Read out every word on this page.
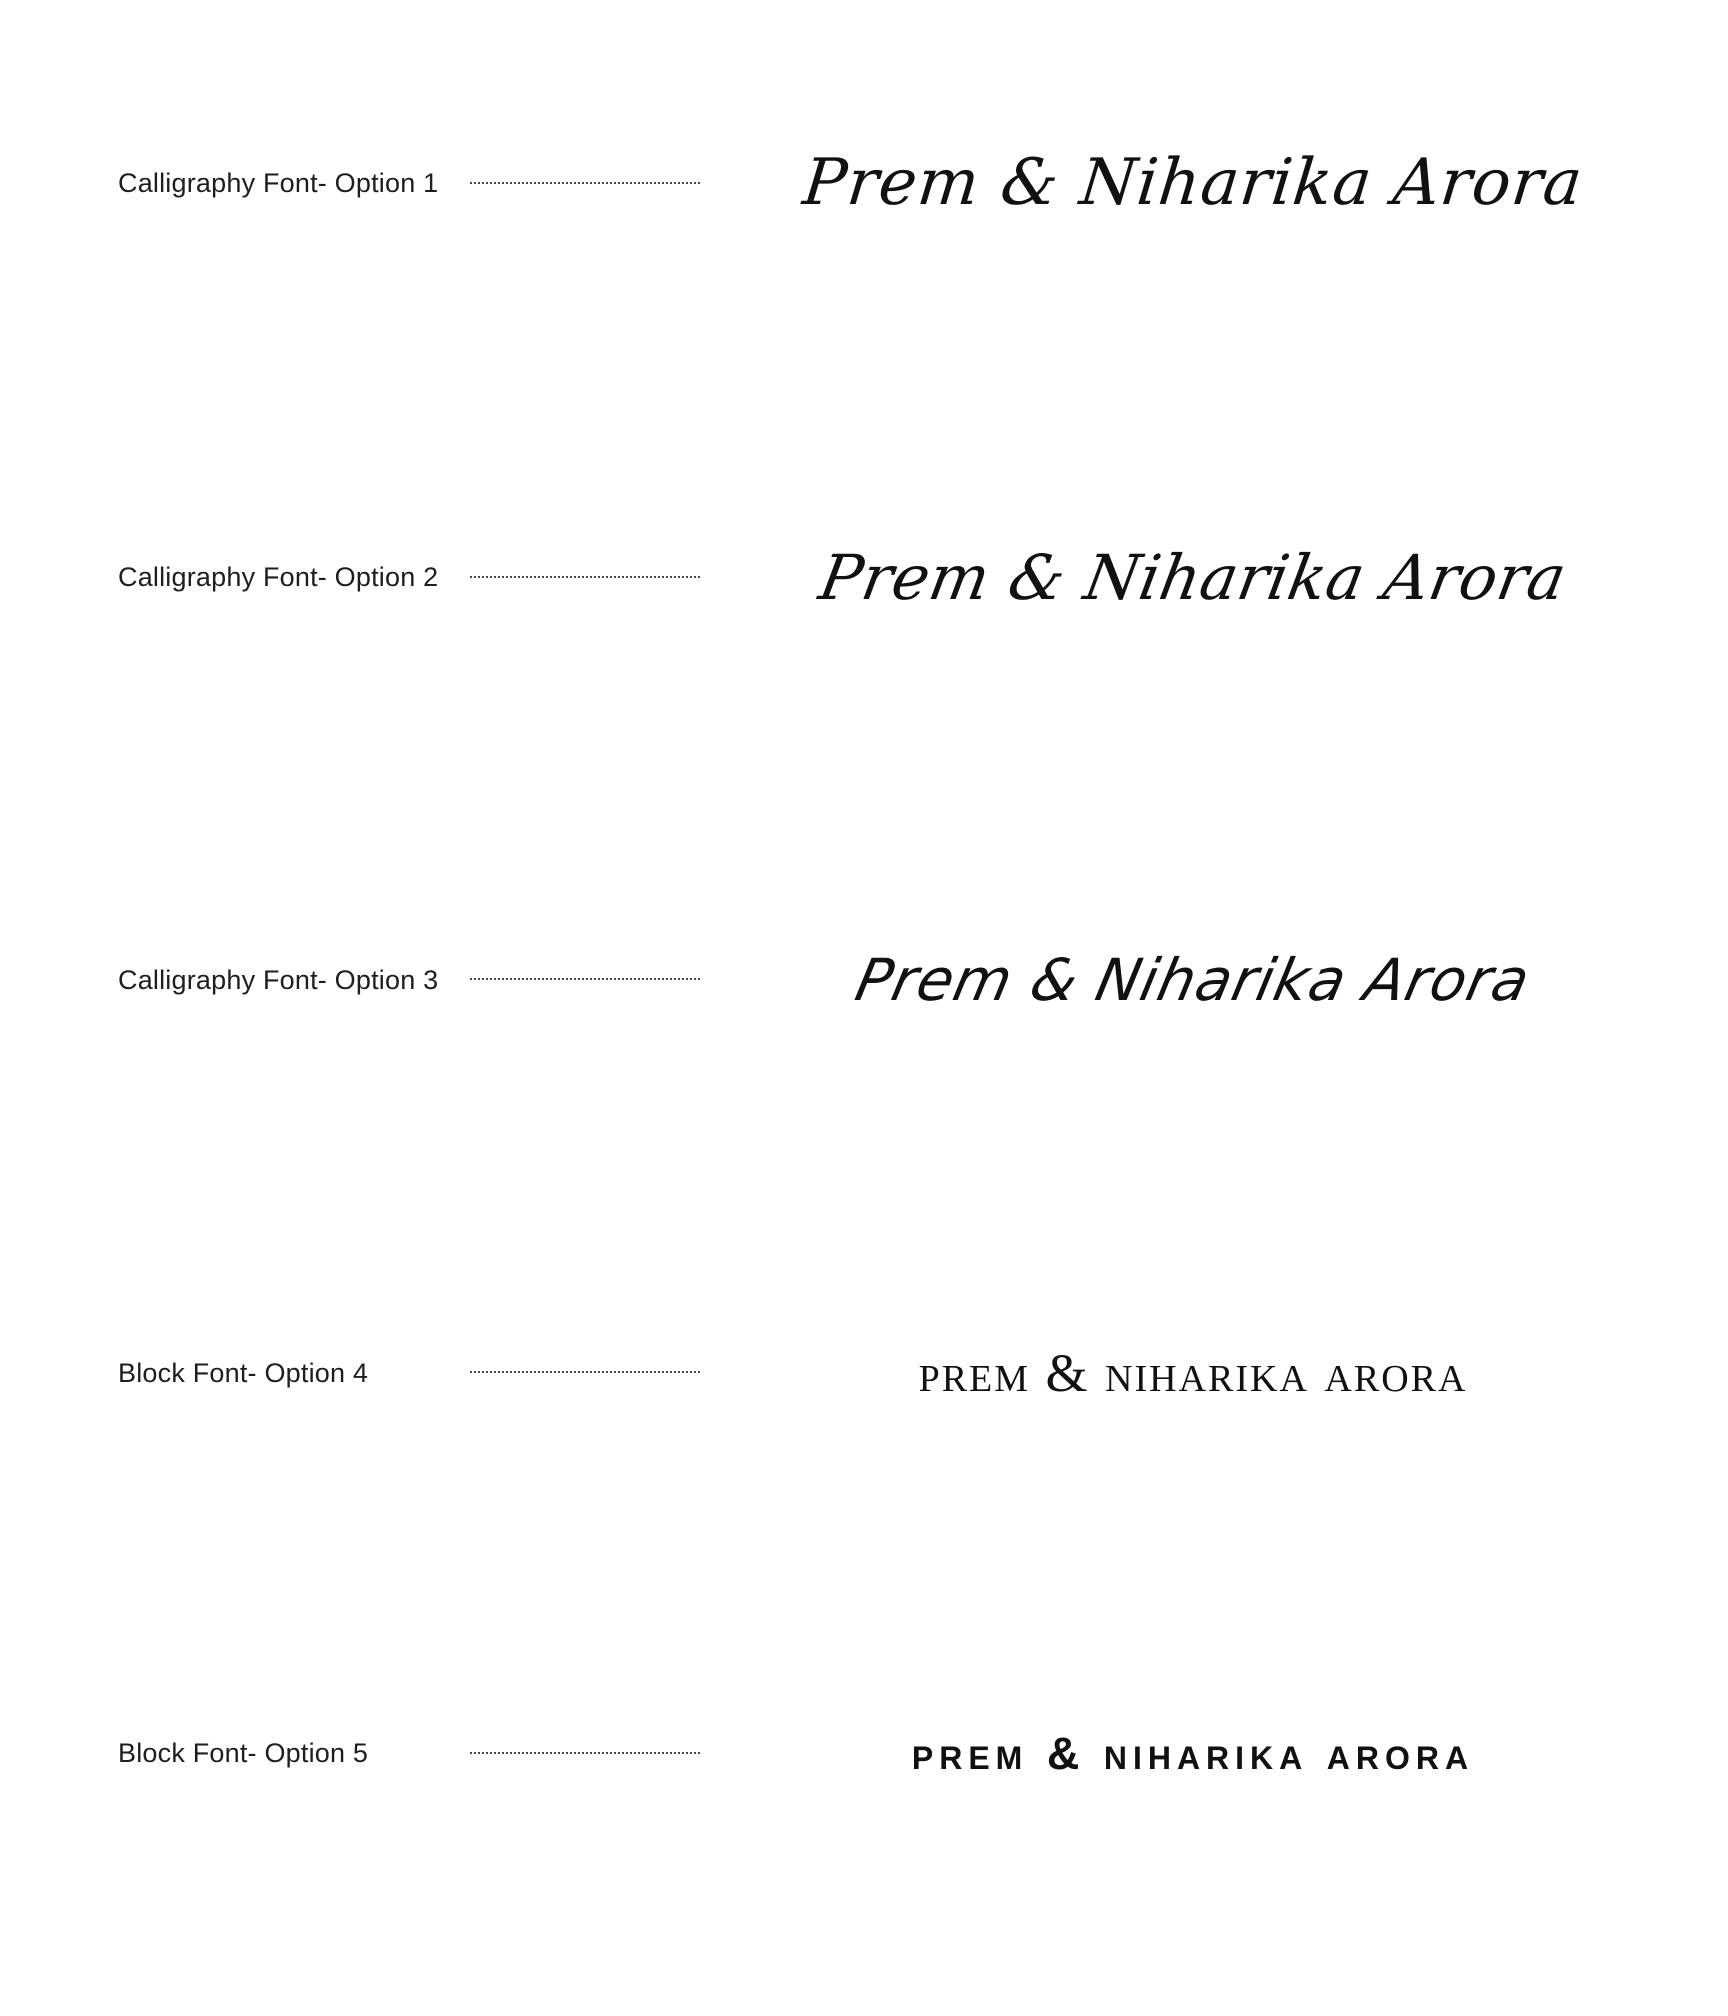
Calligraphy Font- Option 1	Prem & Niharika Arora
Calligraphy Font- Option 2	Prem & Niharika Arora
Calligraphy Font- Option 3	Prem & Niharika Arora
Block Font- Option 4	prem & niharika arora
Block Font- Option 5	prem & niharika arora
